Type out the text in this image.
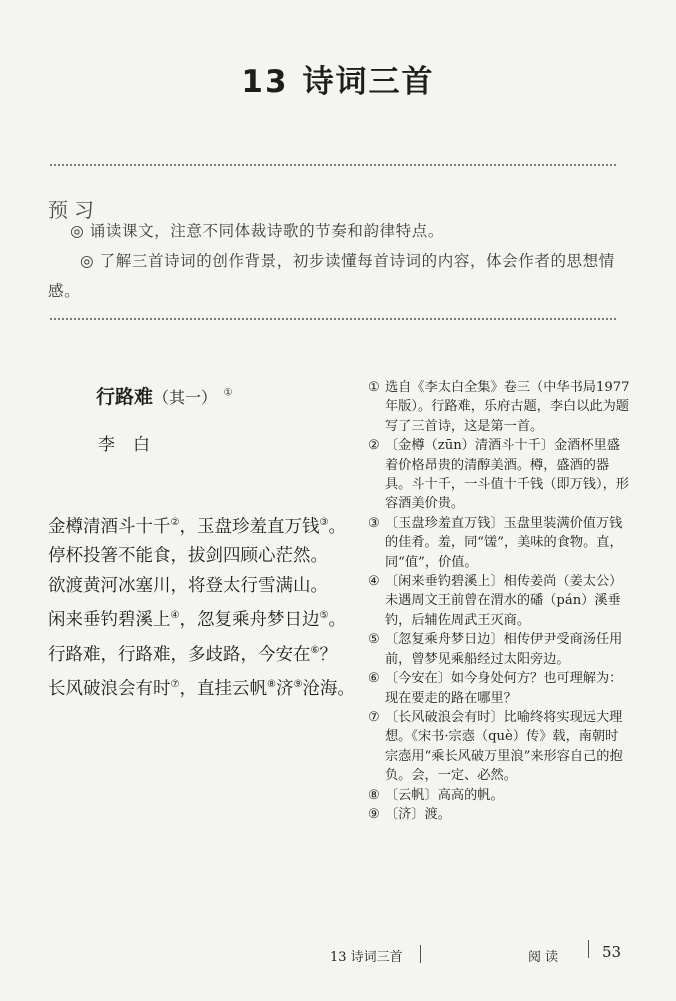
13 诗词三首
预习
◎ 诵读课文，注意不同体裁诗歌的节奏和韵律特点。
◎ 了解三首诗词的创作背景，初步读懂每首诗词的内容，体会作者的思想情感。
行路难（其一） ①
李白
金樽清酒斗十千②，玉盘珍羞直万钱③。
停杯投箸不能食，拔剑四顾心茫然。
欲渡黄河冰塞川，将登太行雪满山。
闲来垂钓碧溪上④，忽复乘舟梦日边⑤。
行路难，行路难，多歧路，今安在⑥？
长风破浪会有时⑦，直挂云帆⑧济⑨沧海。
① 选自《李太白全集》卷三（中华书局1977年版）。行路难，乐府古题，李白以此为题写了三首诗，这是第一首。
② 〔金樽（zūn）清酒斗十千〕金酒杯里盛着价格昂贵的清醇美酒。樽，盛酒的器具。斗十千，一斗值十千钱（即万钱），形容酒美价贵。
③ 〔玉盘珍羞直万钱〕玉盘里装满价值万钱的佳肴。羞，同“馐”，美味的食物。直，同“值”，价值。
④ 〔闲来垂钓碧溪上〕相传姜尚（姜太公）未遇周文王前曾在渭水的磻（pán）溪垂钓，后辅佐周武王灭商。
⑤ 〔忽复乘舟梦日边〕相传伊尹受商汤任用前，曾梦见乘船经过太阳旁边。
⑥ 〔今安在〕如今身处何方？也可理解为：现在要走的路在哪里？
⑦ 〔长风破浪会有时〕比喻终将实现远大理想。《宋书·宗悫（què）传》载，南朝时宗悫用“乘长风破万里浪”来形容自己的抱负。会，一定、必然。
⑧ 〔云帆〕高高的帆。
⑨ 〔济〕渡。
13 诗词三首	阅读	53
